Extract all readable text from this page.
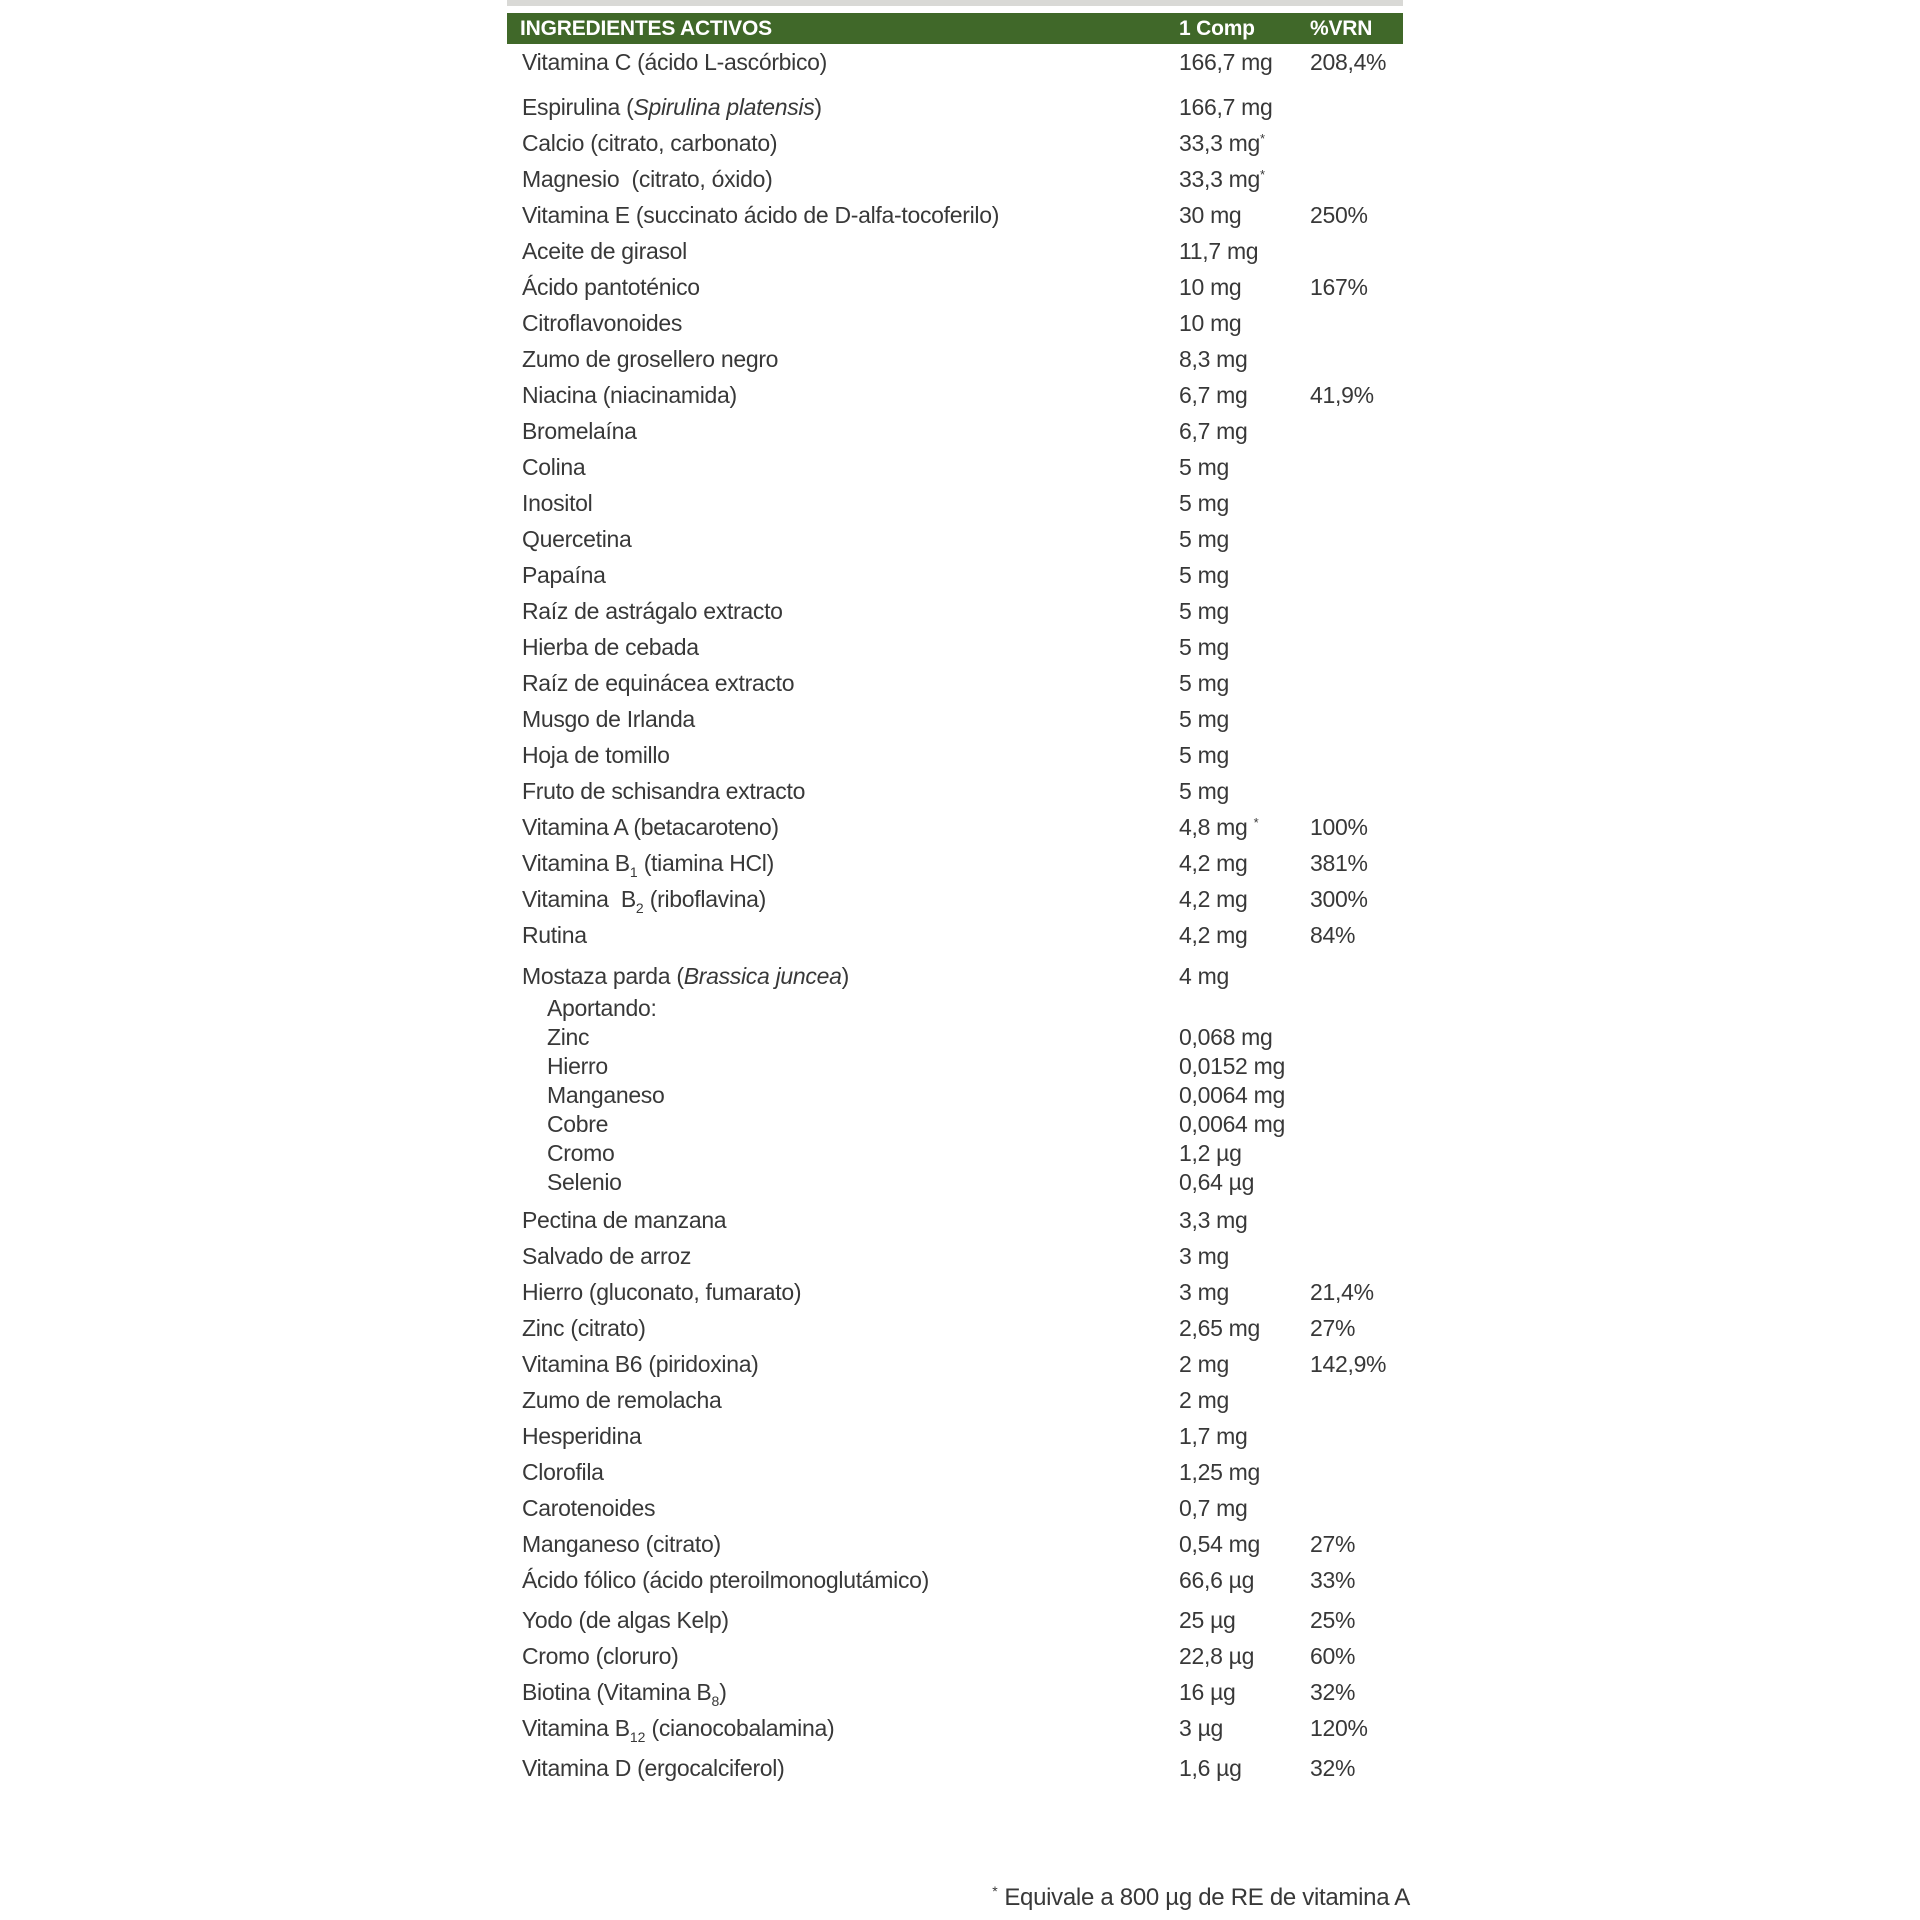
INGREDIENTES ACTIVOS	1 Comp	%VRN
Vitamina C (ácido L-ascórbico)	166,7 mg	208,4%
Espirulina (Spirulina platensis)	166,7 mg
Calcio (citrato, carbonato)	33,3 mg*
Magnesio  (citrato, óxido)	33,3 mg*
Vitamina E (succinato ácido de D-alfa-tocoferilo)	30 mg	250%
Aceite de girasol	11,7 mg
Ácido pantoténico	10 mg	167%
Citroflavonoides	10 mg
Zumo de grosellero negro	8,3 mg
Niacina (niacinamida)	6,7 mg	41,9%
Bromelaína	6,7 mg
Colina	5 mg
Inositol	5 mg
Quercetina	5 mg
Papaína	5 mg
Raíz de astrágalo extracto	5 mg
Hierba de cebada	5 mg
Raíz de equinácea extracto	5 mg
Musgo de Irlanda	5 mg
Hoja de tomillo	5 mg
Fruto de schisandra extracto	5 mg
Vitamina A (betacaroteno)	4,8 mg *	100%
Vitamina $B_1$ (tiamina HCl)	4,2 mg	381%
Vitamina  $B_2$ (riboflavina)	4,2 mg	300%
Rutina	4,2 mg	84%
Mostaza parda (Brassica juncea)	4 mg
Aportando:
Zinc	0,068 mg
Hierro	0,0152 mg
Manganeso	0,0064 mg
Cobre	0,0064 mg
Cromo	1,2 µg
Selenio	0,64 µg
Pectina de manzana	3,3 mg
Salvado de arroz	3 mg
Hierro (gluconato, fumarato)	3 mg	21,4%
Zinc (citrato)	2,65 mg	27%
Vitamina B6 (piridoxina)	2 mg	142,9%
Zumo de remolacha	2 mg
Hesperidina	1,7 mg
Clorofila	1,25 mg
Carotenoides	0,7 mg
Manganeso (citrato)	0,54 mg	27%
Ácido fólico (ácido pteroilmonoglutámico)	66,6 µg	33%
Yodo (de algas Kelp)	25 µg	25%
Cromo (cloruro)	22,8 µg	60%
Biotina (Vitamina $B_8$)	16 µg	32%
Vitamina $B_{12}$ (cianocobalamina)	3 µg	120%
Vitamina D (ergocalciferol)	1,6 µg	32%
* Equivale a 800 µg de RE de vitamina A
